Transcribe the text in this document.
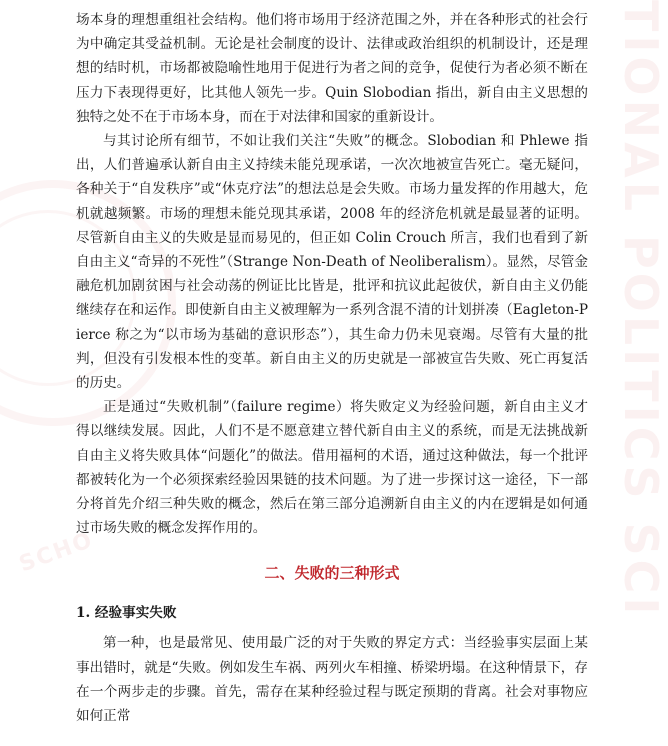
TIONAL POLITICS SCI
SCHO

场本身的理想重组社会结构。他们将市场用于经济范围之外，并在各种形式的社会行为中确定其受益机制。无论是社会制度的设计、法律或政治组织的机制设计，还是理想的结时机，市场都被隐喻性地用于促进行为者之间的竞争，促使行为者必须不断在压力下表现得更好，比其他人领先一步。Quin Slobodian 指出，新自由主义思想的独特之处不在于市场本身，而在于对法律和国家的重新设计。

与其讨论所有细节，不如让我们关注“失败”的概念。Slobodian 和 Phlewe 指出，人们普遍承认新自由主义持续未能兑现承诺，一次次地被宣告死亡。毫无疑问，各种关于“自发秩序”或“休克疗法”的想法总是会失败。市场力量发挥的作用越大，危机就越频繁。市场的理想未能兑现其承诺，2008 年的经济危机就是最显著的证明。尽管新自由主义的失败是显而易见的，但正如 Colin Crouch 所言，我们也看到了新自由主义“奇异的不死性”（Strange Non-Death of Neoliberalism）。显然，尽管金融危机加剧贫困与社会动荡的例证比比皆是，批评和抗议此起彼伏，新自由主义仍能继续存在和运作。即使新自由主义被理解为一系列含混不清的计划拼凑（Eagleton-Pierce 称之为“以市场为基础的意识形态”），其生命力仍未见衰竭。尽管有大量的批判，但没有引发根本性的变革。新自由主义的历史就是一部被宣告失败、死亡再复活的历史。

正是通过“失败机制”（failure regime）将失败定义为经验问题，新自由主义才得以继续发展。因此，人们不是不愿意建立替代新自由主义的系统，而是无法挑战新自由主义将失败具体“问题化”的做法。借用福柯的术语，通过这种做法，每一个批评都被转化为一个必须探索经验因果链的技术问题。为了进一步探讨这一途径，下一部分将首先介绍三种失败的概念，然后在第三部分追溯新自由主义的内在逻辑是如何通过市场失败的概念发挥作用的。

二、失败的三种形式
1. 经验事实失败

第一种，也是最常见、使用最广泛的对于失败的界定方式：当经验事实层面上某事出错时，就是“失败。例如发生车祸、两列火车相撞、桥梁坍塌。在这种情景下，存在一个两步走的步骤。首先，需存在某种经验过程与既定预期的背离。社会对事物应如何正常
